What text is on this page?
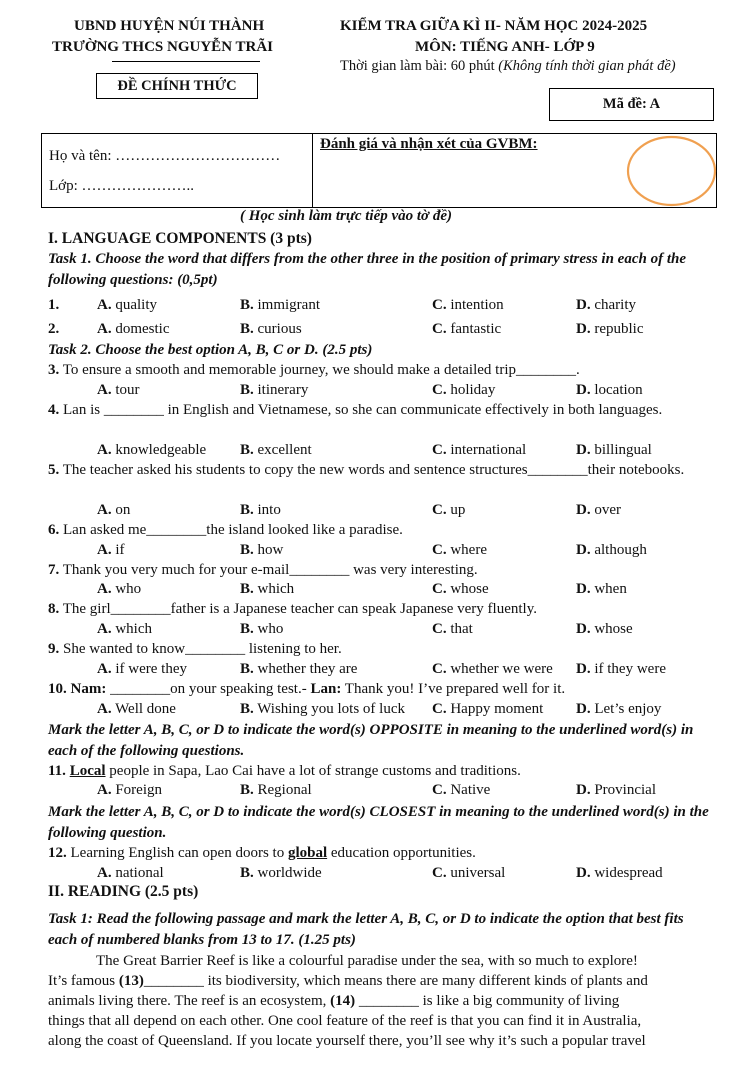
UBND HUYỆN NÚI THÀNH
TRƯỜNG THCS NGUYỄN TRÃI
KIỂM TRA GIỮA KÌ II- NĂM HỌC 2024-2025
MÔN: TIẾNG ANH- LỚP 9
Thời gian làm bài: 60 phút (Không tính thời gian phát đề)
ĐỀ CHÍNH THỨC
Mã đề: A
Họ và tên: ……………………………
Lớp: …………………..
Đánh giá và nhận xét của GVBM:
( Học sinh làm trực tiếp vào tờ đề)
I. LANGUAGE COMPONENTS (3 pts)
Task 1. Choose the word that differs from the other three in the position of primary stress in each of the following questions: (0,5pt)
1.	A. quality	B. immigrant	C. intention	D. charity
2.	A. domestic	B. curious	C. fantastic	D. republic
Task 2. Choose the best option A, B, C or D. (2.5 pts)
3. To ensure a smooth and memorable journey, we should make a detailed trip________.
A. tour	B. itinerary	C. holiday	D. location
4. Lan is ________ in English and Vietnamese, so she can communicate effectively in both languages.
A. knowledgeable B. excellent	C. international	D. billingual
5. The teacher asked his students to copy the new words and sentence structures________their notebooks.
A. on	B. into	C. up	D. over
6. Lan asked me________the island looked like a paradise.
A. if	B. how	C. where	D. although
7. Thank you very much for your e-mail________ was very interesting.
A. who	B. which	C. whose	D. when
8. The girl________father is a Japanese teacher can speak Japanese very fluently.
A. which	B. who	C. that	D. whose
9. She wanted to know________ listening to her.
A. if were they	B. whether they are	C. whether we were D. if they were
10. Nam: ________on your speaking test.- Lan: Thank you! I’ve prepared well for it.
A. Well done	B. Wishing you lots of luck C. Happy moment D. Let’s enjoy
Mark the letter A, B, C, or D to indicate the word(s) OPPOSITE in meaning to the underlined word(s) in each of the following questions.
11. Local people in Sapa, Lao Cai have a lot of strange customs and traditions.
A. Foreign	B. Regional	C. Native	D. Provincial
Mark the letter A, B, C, or D to indicate the word(s) CLOSEST in meaning to the underlined word(s) in the following question.
12. Learning English can open doors to global education opportunities.
A. national	B. worldwide	C. universal	D. widespread
II. READING (2.5 pts)
Task 1: Read the following passage and mark the letter A, B, C, or D to indicate the option that best fits each of numbered blanks from 13 to 17. (1.25 pts)
The Great Barrier Reef is like a colourful paradise under the sea, with so much to explore!
It’s famous (13)________ its biodiversity, which means there are many different kinds of plants and
animals living there. The reef is an ecosystem, (14) ________ is like a big community of living
things that all depend on each other. One cool feature of the reef is that you can find it in Australia,
along the coast of Queensland. If you locate yourself there, you’ll see why it’s such a popular travel
